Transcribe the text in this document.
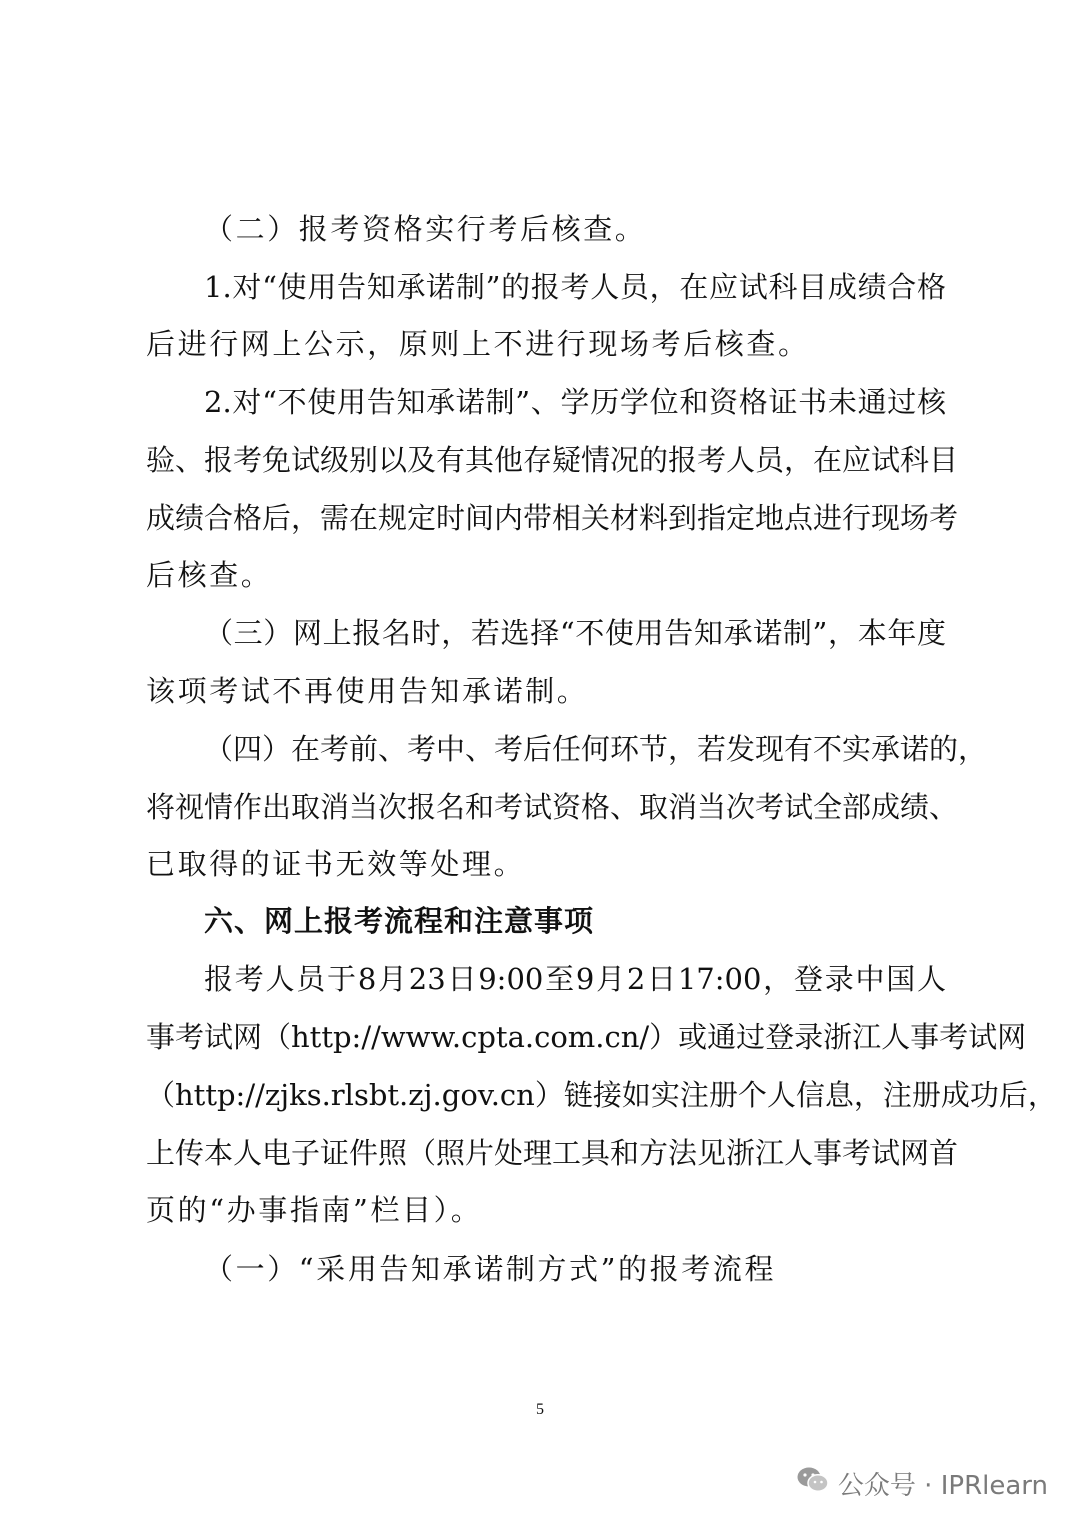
（二）报考资格实行考后核查。
1.对“使用告知承诺制”的报考人员，在应试科目成绩合格
后进行网上公示，原则上不进行现场考后核查。
2.对“不使用告知承诺制”、学历学位和资格证书未通过核
验、报考免试级别以及有其他存疑情况的报考人员，在应试科目
成绩合格后，需在规定时间内带相关材料到指定地点进行现场考
后核查。
（三）网上报名时，若选择“不使用告知承诺制”，本年度
该项考试不再使用告知承诺制。
（四）在考前、考中、考后任何环节，若发现有不实承诺的，
将视情作出取消当次报名和考试资格、取消当次考试全部成绩、
已取得的证书无效等处理。
六、网上报考流程和注意事项
报考人员于8月23日9:00至9月2日17:00，登录中国人
事考试网（http://www.cpta.com.cn/）或通过登录浙江人事考试网
（http://zjks.rlsbt.zj.gov.cn）链接如实注册个人信息，注册成功后，
上传本人电子证件照（照片处理工具和方法见浙江人事考试网首
页的“办事指南”栏目）。
（一）“采用告知承诺制方式”的报考流程
5
公众号 · IPRlearn
